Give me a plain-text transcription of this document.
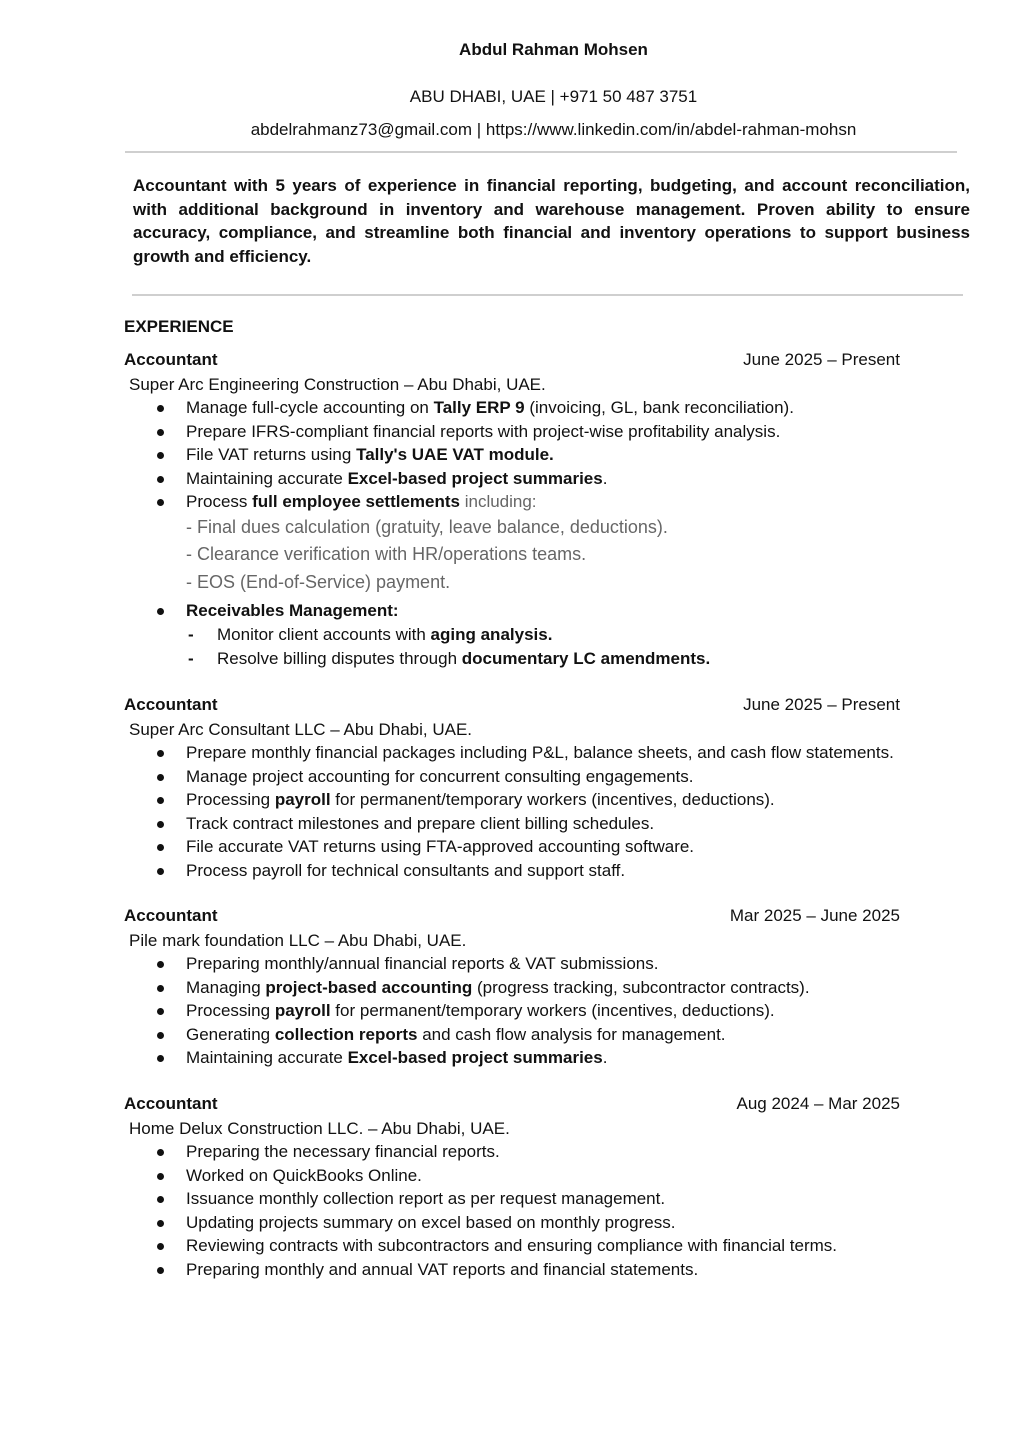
Abdul Rahman Mohsen
ABU DHABI, UAE | +971 50 487 3751
abdelrahmanz73@gmail.com | https://www.linkedin.com/in/abdel-rahman-mohsn
Accountant with 5 years of experience in financial reporting, budgeting, and account reconciliation, with additional background in inventory and warehouse management. Proven ability to ensure accuracy, compliance, and streamline both financial and inventory operations to support business growth and efficiency.
EXPERIENCE
Accountant	June 2025 – Present
Super Arc Engineering Construction – Abu Dhabi, UAE.
Manage full-cycle accounting on Tally ERP 9 (invoicing, GL, bank reconciliation).
Prepare IFRS-compliant financial reports with project-wise profitability analysis.
File VAT returns using Tally's UAE VAT module.
Maintaining accurate Excel-based project summaries.
Process full employee settlements including:
- Final dues calculation (gratuity, leave balance, deductions).
- Clearance verification with HR/operations teams.
- EOS (End-of-Service) payment.
Receivables Management:
- Monitor client accounts with aging analysis.
- Resolve billing disputes through documentary LC amendments.
Accountant	June 2025 – Present
Super Arc Consultant LLC – Abu Dhabi, UAE.
Prepare monthly financial packages including P&L, balance sheets, and cash flow statements.
Manage project accounting for concurrent consulting engagements.
Processing payroll for permanent/temporary workers (incentives, deductions).
Track contract milestones and prepare client billing schedules.
File accurate VAT returns using FTA-approved accounting software.
Process payroll for technical consultants and support staff.
Accountant	Mar 2025 – June 2025
Pile mark foundation LLC – Abu Dhabi, UAE.
Preparing monthly/annual financial reports & VAT submissions.
Managing project-based accounting (progress tracking, subcontractor contracts).
Processing payroll for permanent/temporary workers (incentives, deductions).
Generating collection reports and cash flow analysis for management.
Maintaining accurate Excel-based project summaries.
Accountant	Aug 2024 – Mar 2025
Home Delux Construction LLC. – Abu Dhabi, UAE.
Preparing the necessary financial reports.
Worked on QuickBooks Online.
Issuance monthly collection report as per request management.
Updating projects summary on excel based on monthly progress.
Reviewing contracts with subcontractors and ensuring compliance with financial terms.
Preparing monthly and annual VAT reports and financial statements.
